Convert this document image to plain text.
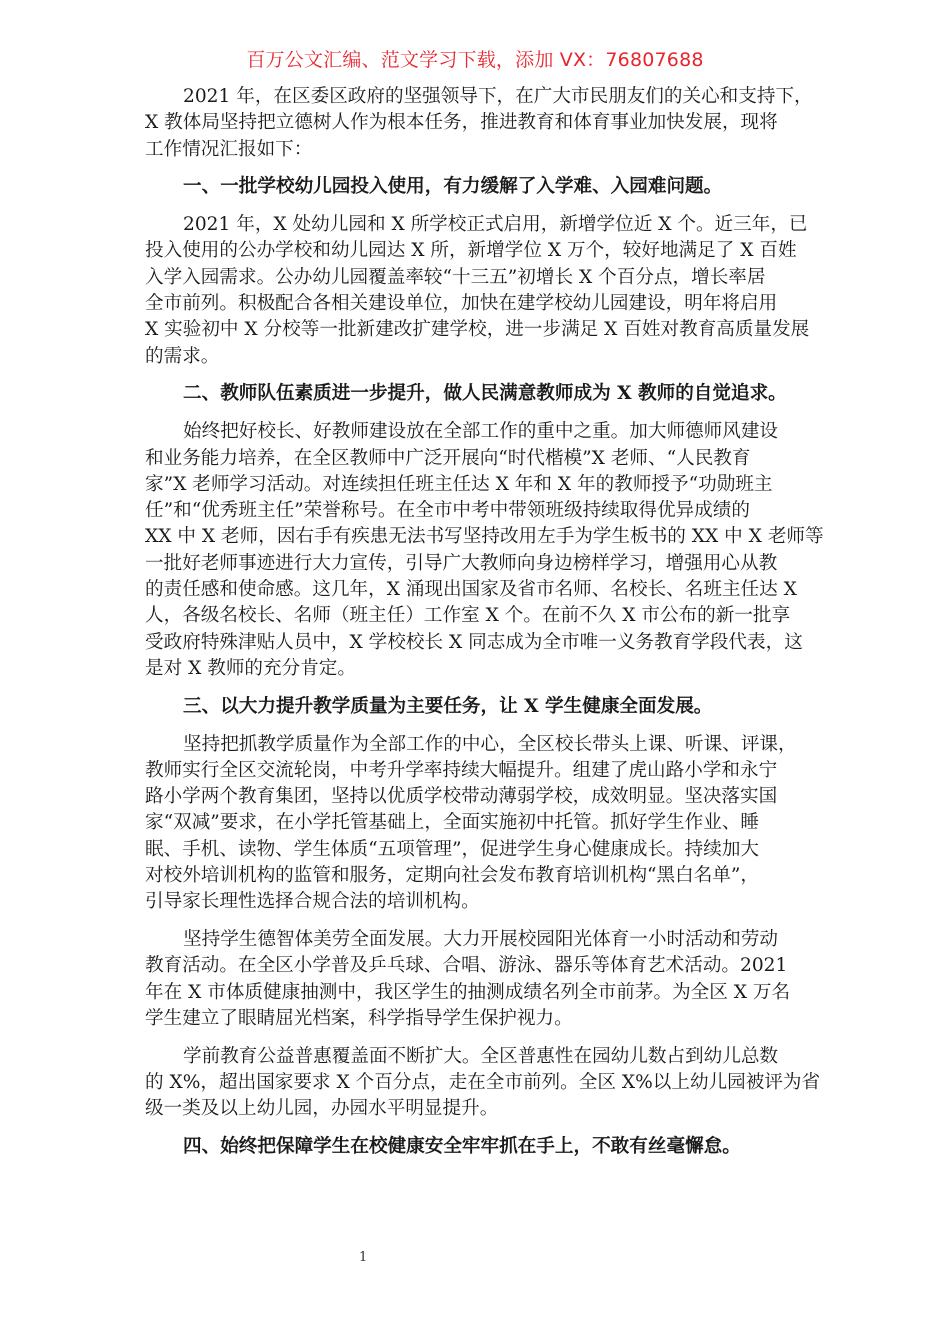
百万公文汇编、范文学习下载，添加 VX：76807688
2021 年，在区委区政府的坚强领导下，在广大市民朋友们的关心和支持下，
X 教体局坚持把立德树人作为根本任务，推进教育和体育事业加快发展，现将
工作情况汇报如下：
一、一批学校幼儿园投入使用，有力缓解了入学难、入园难问题。
2021 年，X 处幼儿园和 X 所学校正式启用，新增学位近 X 个。近三年，已
投入使用的公办学校和幼儿园达 X 所，新增学位 X 万个，较好地满足了 X 百姓
入学入园需求。公办幼儿园覆盖率较“十三五”初增长 X 个百分点，增长率居
全市前列。积极配合各相关建设单位，加快在建学校幼儿园建设，明年将启用
X 实验初中 X 分校等一批新建改扩建学校，进一步满足 X 百姓对教育高质量发展
的需求。
二、教师队伍素质进一步提升，做人民满意教师成为 X 教师的自觉追求。
始终把好校长、好教师建设放在全部工作的重中之重。加大师德师风建设
和业务能力培养，在全区教师中广泛开展向“时代楷模”X 老师、“人民教育
家”X 老师学习活动。对连续担任班主任达 X 年和 X 年的教师授予“功勋班主
任”和“优秀班主任”荣誉称号。在全市中考中带领班级持续取得优异成绩的
XX 中 X 老师，因右手有疾患无法书写坚持改用左手为学生板书的 XX 中 X 老师等
一批好老师事迹进行大力宣传，引导广大教师向身边榜样学习，增强用心从教
的责任感和使命感。这几年，X 涌现出国家及省市名师、名校长、名班主任达 X
人，各级名校长、名师（班主任）工作室 X 个。在前不久 X 市公布的新一批享
受政府特殊津贴人员中，X 学校校长 X 同志成为全市唯一义务教育学段代表，这
是对 X 教师的充分肯定。
三、以大力提升教学质量为主要任务，让 X 学生健康全面发展。
坚持把抓教学质量作为全部工作的中心，全区校长带头上课、听课、评课，
教师实行全区交流轮岗，中考升学率持续大幅提升。组建了虎山路小学和永宁
路小学两个教育集团，坚持以优质学校带动薄弱学校，成效明显。坚决落实国
家“双减”要求，在小学托管基础上，全面实施初中托管。抓好学生作业、睡
眠、手机、读物、学生体质“五项管理”，促进学生身心健康成长。持续加大
对校外培训机构的监管和服务，定期向社会发布教育培训机构“黑白名单”，
引导家长理性选择合规合法的培训机构。
坚持学生德智体美劳全面发展。大力开展校园阳光体育一小时活动和劳动
教育活动。在全区小学普及乒乓球、合唱、游泳、器乐等体育艺术活动。2021
年在 X 市体质健康抽测中，我区学生的抽测成绩名列全市前茅。为全区 X 万名
学生建立了眼睛屈光档案，科学指导学生保护视力。
学前教育公益普惠覆盖面不断扩大。全区普惠性在园幼儿数占到幼儿总数
的 X%，超出国家要求 X 个百分点，走在全市前列。全区 X%以上幼儿园被评为省
级一类及以上幼儿园，办园水平明显提升。
四、始终把保障学生在校健康安全牢牢抓在手上，不敢有丝毫懈怠。
1
